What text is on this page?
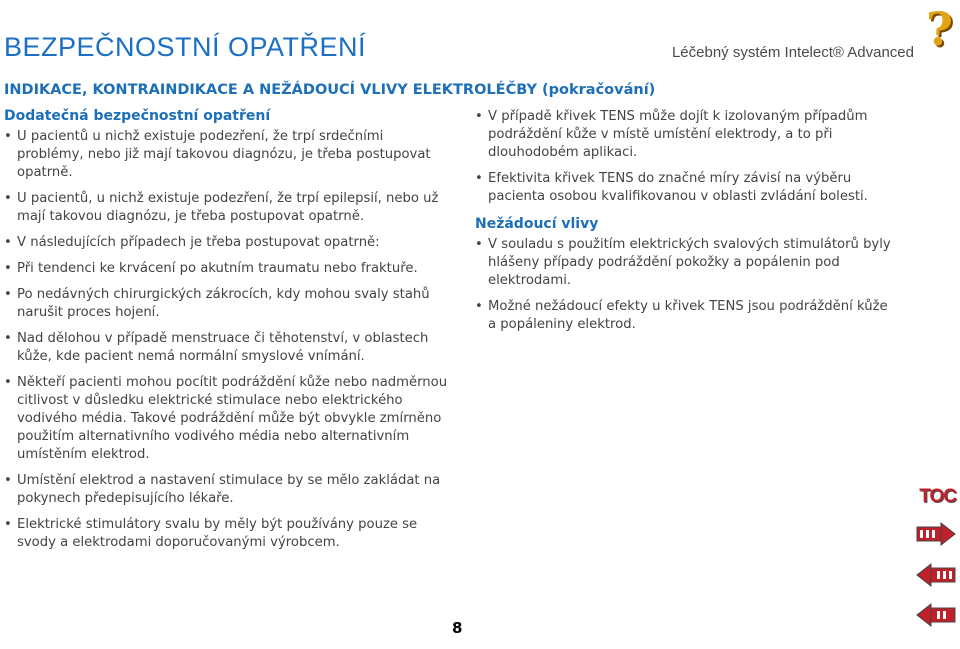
BEZPEČNOSTNÍ OPATŘENÍ	Léčebný systém Intelect® Advanced
INDIKACE, KONTRAINDIKACE A NEŽÁDOUCÍ VLIVY ELEKTROLÉČBY (pokračování)
Dodatečná bezpečnostní opatření

• U pacientů u nichž existuje podezření, že trpí srdečními problémy, nebo již mají takovou diagnózu, je třeba postupovat opatrně.

• U pacientů, u nichž existuje podezření, že trpí epilepsií, nebo už mají takovou diagnózu, je třeba postupovat opatrně.

• V následujících případech je třeba postupovat opatrně:

• Při tendenci ke krvácení po akutním traumatu nebo fraktuře.

• Po nedávných chirurgických zákrocích, kdy mohou svaly stahů narušit proces hojení.

• Nad dělohou v případě menstruace či těhotenství, v oblastech kůže, kde pacient nemá normální smyslové vnímání.

• Někteří pacienti mohou pocítit podráždění kůže nebo nadměrnou citlivost v důsledku elektrické stimulace nebo elektrického vodivého média. Takové podráždění může být obvykle zmírněno použitím alternativního vodivého média nebo alternativním umístěním elektrod.

• Umístění elektrod a nastavení stimulace by se mělo zakládat na pokynech předepisujícího lékaře.

• Elektrické stimulátory svalu by měly být používány pouze se svody a elektrodami doporučovanými výrobcem.

• V případě křivek TENS může dojít k izolovaným případům podráždění kůže v místě umístění elektrody, a to při dlouhodobém aplikaci.

• Efektivita křivek TENS do značné míry závisí na výběru pacienta osobou kvalifikovanou v oblasti zvládání bolesti.

Nežádoucí vlivy

• V souladu s použitím elektrických svalových stimulátorů byly hlášeny případy podráždění pokožky a popálenin pod elektrodami.

• Možné nežádoucí efekty u křivek TENS jsou podráždění kůže a popáleniny elektrod.

8
?
TOC
